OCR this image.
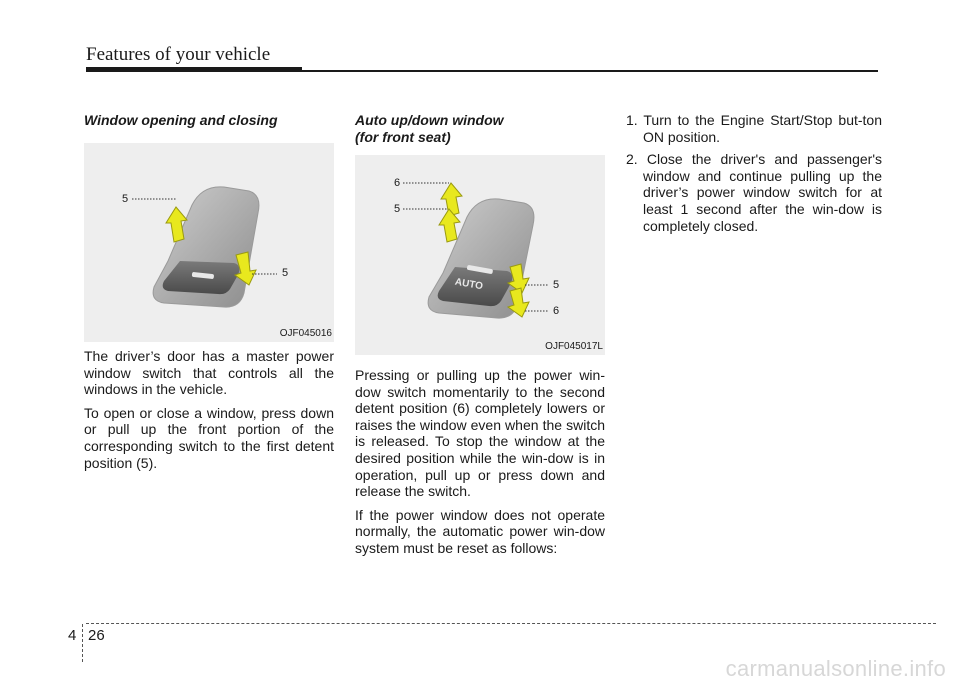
Features of your vehicle

Window opening and closing

5
5
OJF045016

The driver’s door has a master power window switch that controls all the windows in the vehicle.

To open or close a window, press down or pull up the front portion of the corresponding switch to the first detent position (5).

Auto up/down window
(for front seat)

AUTO
6
5
5
6
OJF045017L

Pressing or pulling up the power win-dow switch momentarily to the second detent position (6) completely lowers or raises the window even when the switch is released. To stop the window at the desired position while the win-dow is in operation, pull up or press down and release the switch.

If the power window does not operate normally, the automatic power win-dow system must be reset as follows:

1. Turn to the Engine Start/Stop but-ton ON position.

2. Close the driver's and passenger's window and continue pulling up the driver’s power window switch for at least 1 second after the win-dow is completely closed.

4 26
carmanualsonline.info
